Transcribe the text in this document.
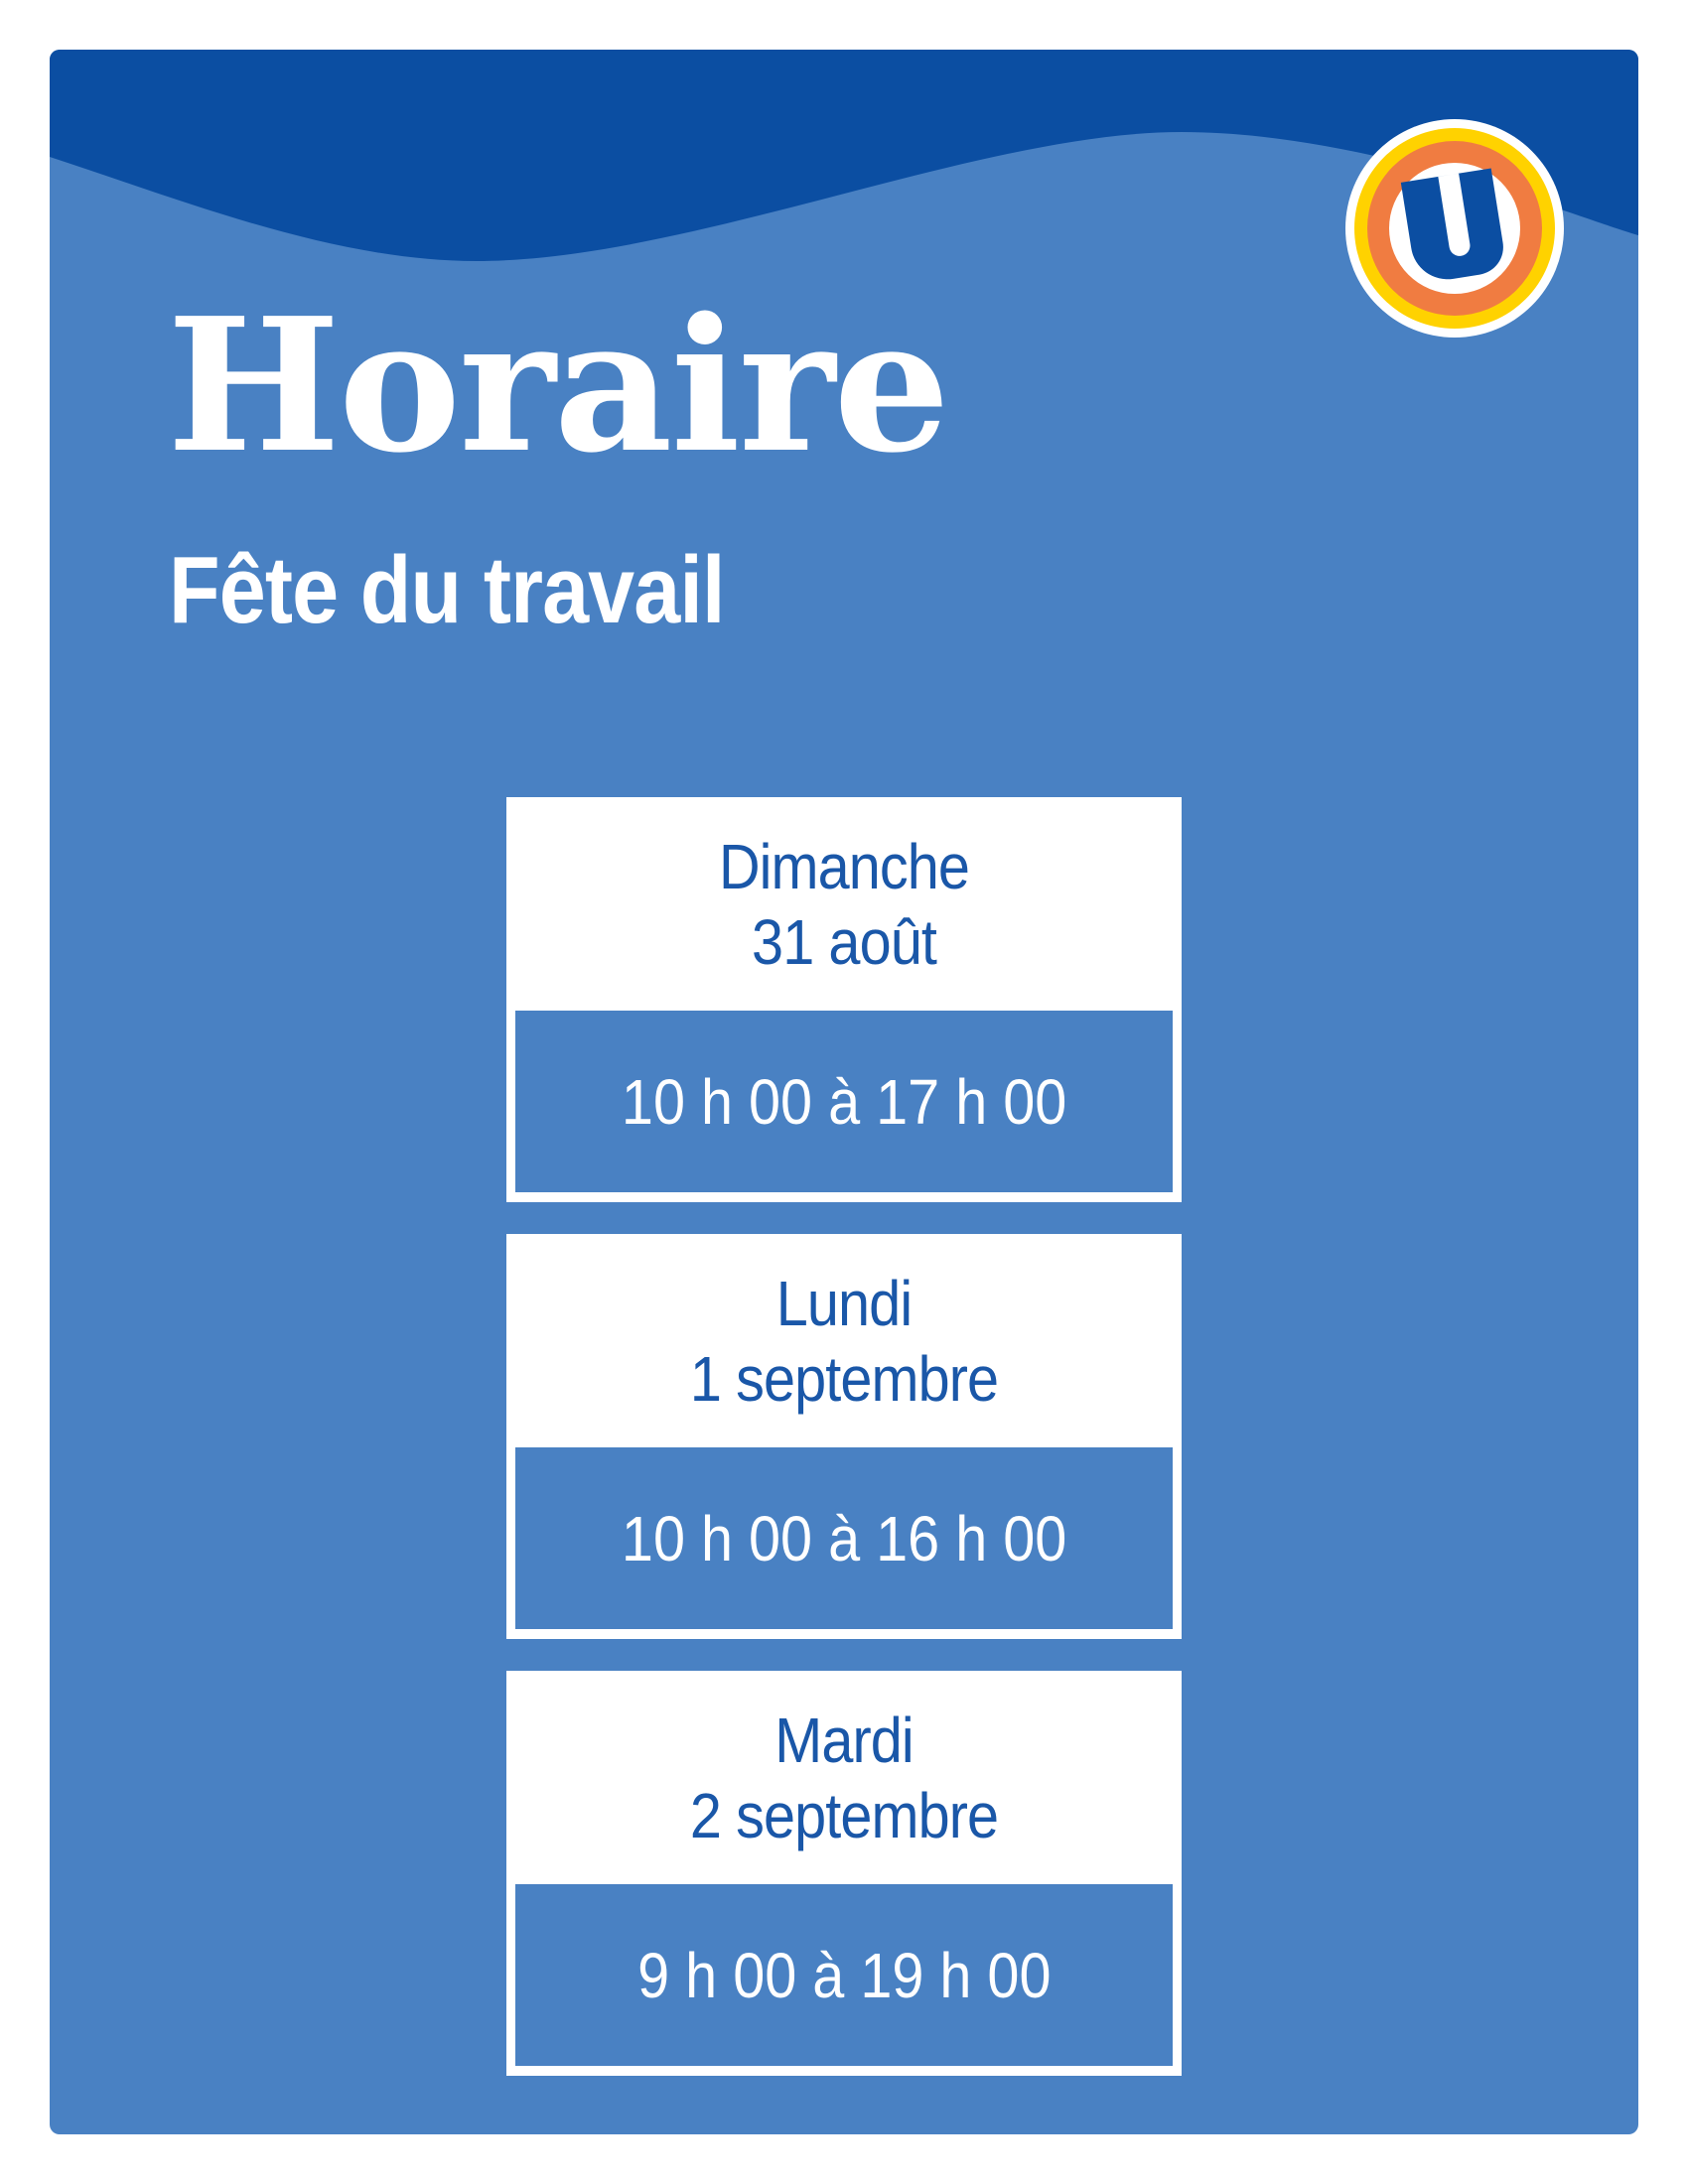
Horaire
Fête du travail
Dimanche
31 août
10 h 00 à 17 h 00
Lundi
1 septembre
10 h 00 à 16 h 00
Mardi
2 septembre
9 h 00 à 19 h 00
